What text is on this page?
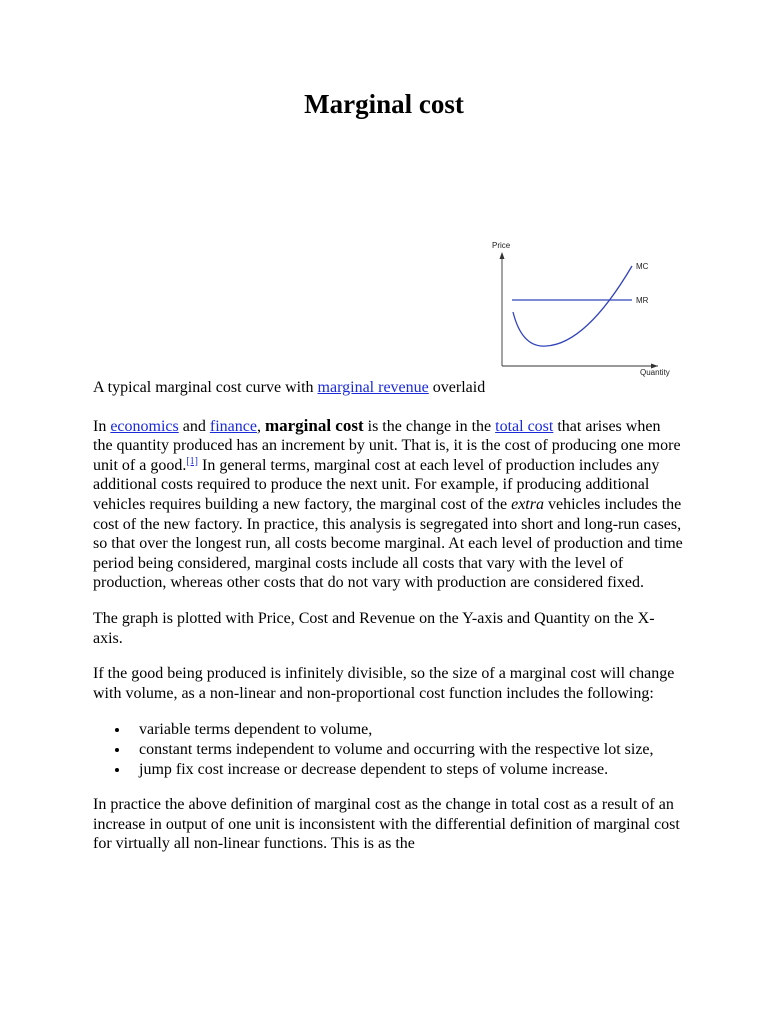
Marginal cost
Price
MC
MR
Quantity

A typical marginal cost curve with marginal revenue overlaid

In economics and finance, marginal cost is the change in the total cost that arises when the quantity produced has an increment by unit. That is, it is the cost of producing one more unit of a good.[1] In general terms, marginal cost at each level of production includes any additional costs required to produce the next unit. For example, if producing additional vehicles requires building a new factory, the marginal cost of the extra vehicles includes the cost of the new factory. In practice, this analysis is segregated into short and long-run cases, so that over the longest run, all costs become marginal. At each level of production and time period being considered, marginal costs include all costs that vary with the level of production, whereas other costs that do not vary with production are considered fixed.

The graph is plotted with Price, Cost and Revenue on the Y-axis and Quantity on the X-axis.

If the good being produced is infinitely divisible, so the size of a marginal cost will change with volume, as a non-linear and non-proportional cost function includes the following:

variable terms dependent to volume,
constant terms independent to volume and occurring with the respective lot size,
jump fix cost increase or decrease dependent to steps of volume increase.

In practice the above definition of marginal cost as the change in total cost as a result of an increase in output of one unit is inconsistent with the differential definition of marginal cost for virtually all non-linear functions. This is as the
